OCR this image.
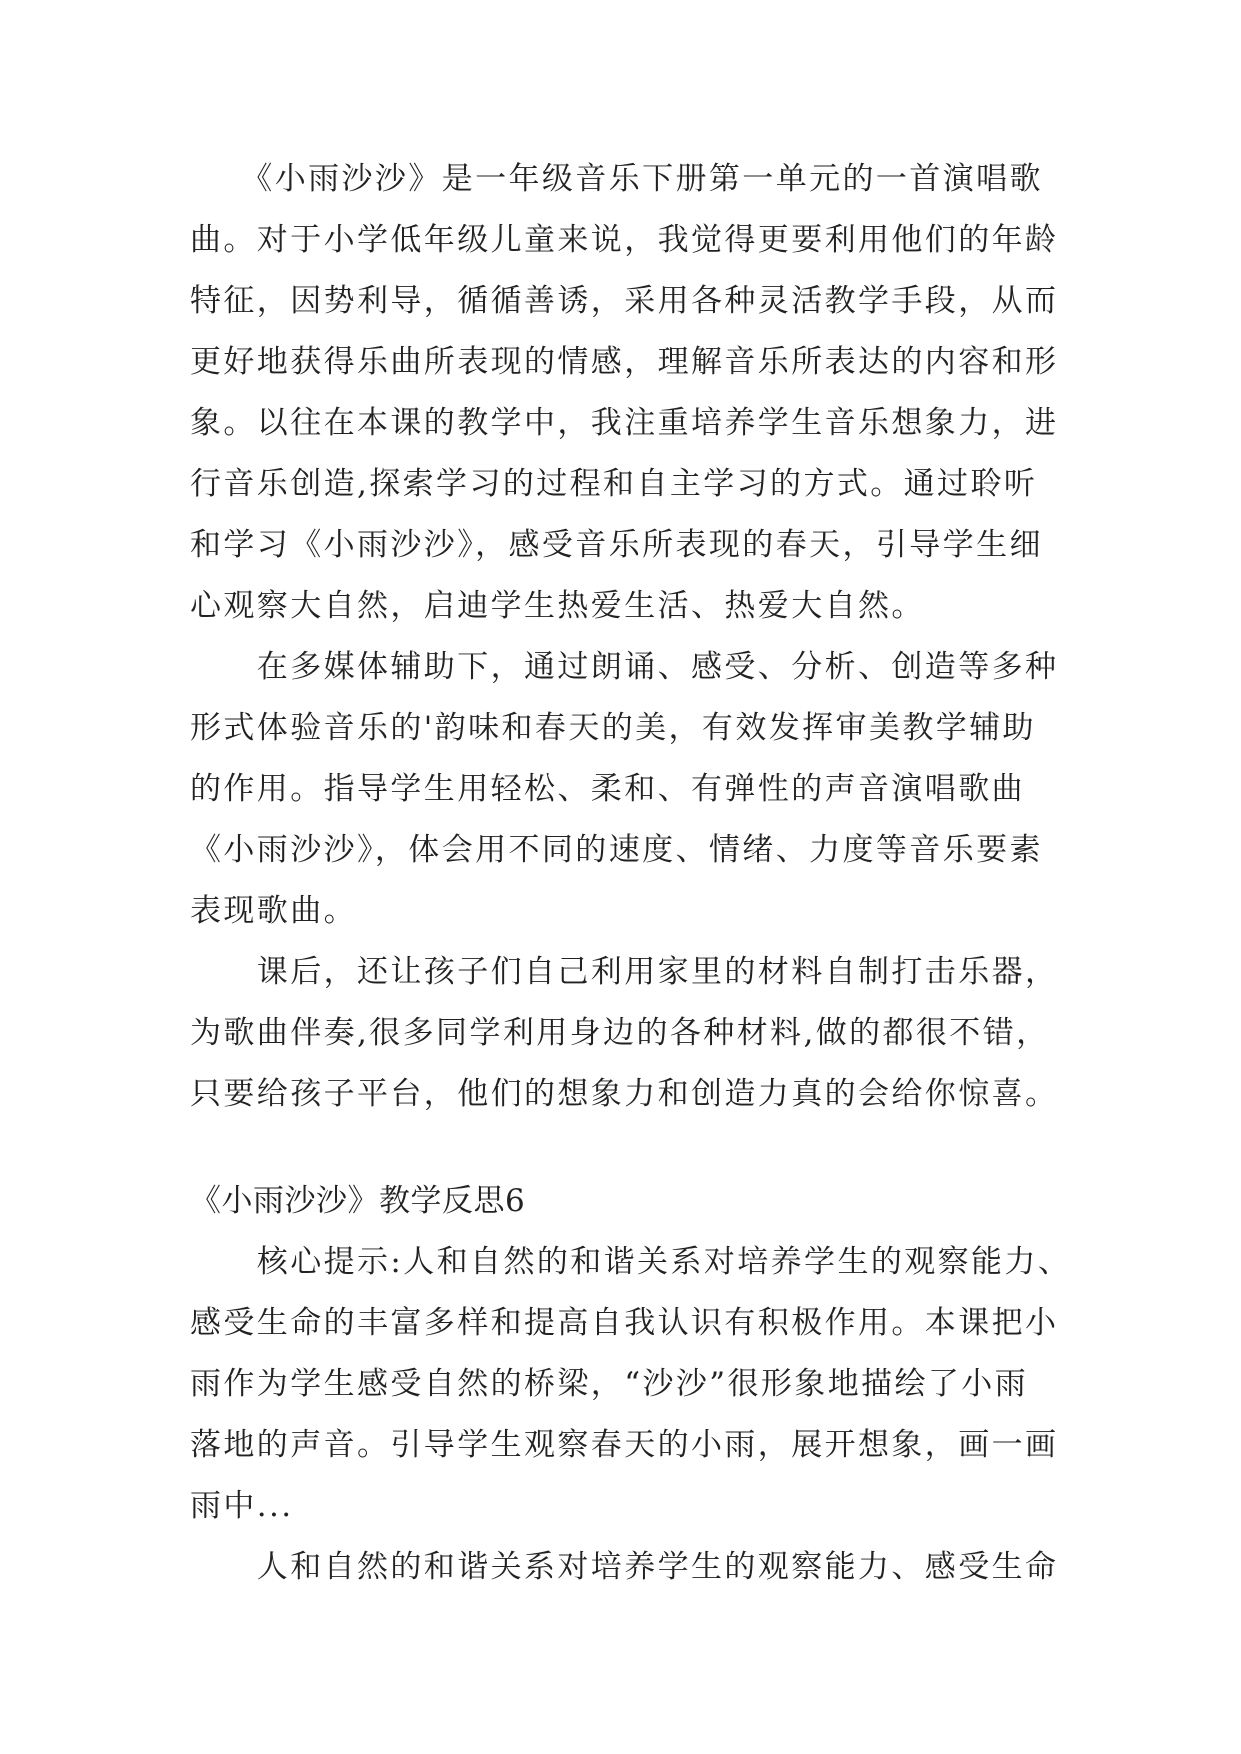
　　《小雨沙沙》是一年级音乐下册第一单元的一首演唱歌
曲。对于小学低年级儿童来说，我觉得更要利用他们的年龄
特征，因势利导，循循善诱，采用各种灵活教学手段，从而
更好地获得乐曲所表现的情感，理解音乐所表达的内容和形
象。以往在本课的教学中，我注重培养学生音乐想象力，进
行音乐创造,探索学习的过程和自主学习的方式。通过聆听
和学习《小雨沙沙》，感受音乐所表现的春天，引导学生细
心观察大自然，启迪学生热爱生活、热爱大自然。
　　在多媒体辅助下，通过朗诵、感受、分析、创造等多种
形式体验音乐的'韵味和春天的美，有效发挥审美教学辅助
的作用。指导学生用轻松、柔和、有弹性的声音演唱歌曲
《小雨沙沙》，体会用不同的速度、情绪、力度等音乐要素
表现歌曲。
　　课后，还让孩子们自己利用家里的材料自制打击乐器，
为歌曲伴奏,很多同学利用身边的各种材料,做的都很不错，
只要给孩子平台，他们的想象力和创造力真的会给你惊喜。
《小雨沙沙》教学反思6
　　核心提示:人和自然的和谐关系对培养学生的观察能力、
感受生命的丰富多样和提高自我认识有积极作用。本课把小
雨作为学生感受自然的桥梁，“沙沙”很形象地描绘了小雨
落地的声音。引导学生观察春天的小雨，展开想象，画一画
雨中...
　　人和自然的和谐关系对培养学生的观察能力、感受生命
